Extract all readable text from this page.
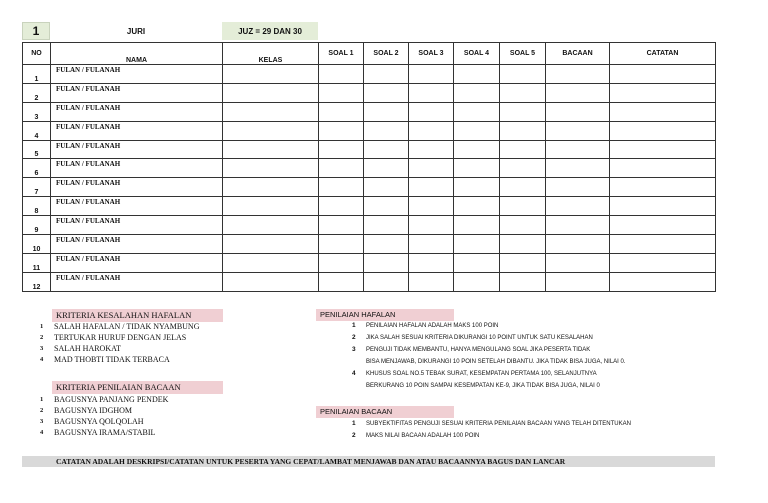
1	JURI	JUZ = 29 DAN 30
NO	NAMA	KELAS	SOAL 1	SOAL 2	SOAL 3	SOAL 4	SOAL 5	BACAAN	CATATAN
1	FULAN / FULANAH								
2	FULAN / FULANAH								
3	FULAN / FULANAH								
4	FULAN / FULANAH								
5	FULAN / FULANAH								
6	FULAN / FULANAH								
7	FULAN / FULANAH								
8	FULAN / FULANAH								
9	FULAN / FULANAH								
10	FULAN / FULANAH								
11	FULAN / FULANAH								
12	FULAN / FULANAH								
KRITERIA KESALAHAN HAFALAN
1 SALAH HAFALAN / TIDAK NYAMBUNG
2 TERTUKAR HURUF DENGAN JELAS
3 SALAH HAROKAT
4 MAD THOBTI TIDAK TERBACA
KRITERIA PENILAIAN BACAAN
1 BAGUSNYA PANJANG PENDEK
2 BAGUSNYA IDGHOM
3 BAGUSNYA QOLQOLAH
4 BAGUSNYA IRAMA/STABIL
PENILAIAN HAFALAN
1 PENILAIAN HAFALAN ADALAH MAKS 100 POIN
2 JIKA SALAH SESUAI KRITERIA DIKURANGI 10 POINT UNTUK SATU KESALAHAN
3 PENGUJI TIDAK MEMBANTU, HANYA MENGULANG SOAL JIKA PESERTA TIDAK
BISA MENJAWAB, DIKURANGI 10 POIN SETELAH DIBANTU. JIKA TIDAK BISA JUGA, NILAI 0.
4 KHUSUS SOAL NO.5 TEBAK SURAT, KESEMPATAN PERTAMA 100, SELANJUTNYA
BERKURANG 10 POIN SAMPAI KESEMPATAN KE-9, JIKA TIDAK BISA JUGA, NILAI 0
PENILAIAN BACAAN
1 SUBYEKTIFITAS PENGUJI SESUAI KRITERIA PENILAIAN BACAAN YANG TELAH DITENTUKAN
2 MAKS NILAI BACAAN ADALAH 100 POIN
CATATAN ADALAH DESKRIPSI/CATATAN UNTUK PESERTA YANG CEPAT/LAMBAT MENJAWAB DAN ATAU BACAANNYA BAGUS DAN LANCAR
